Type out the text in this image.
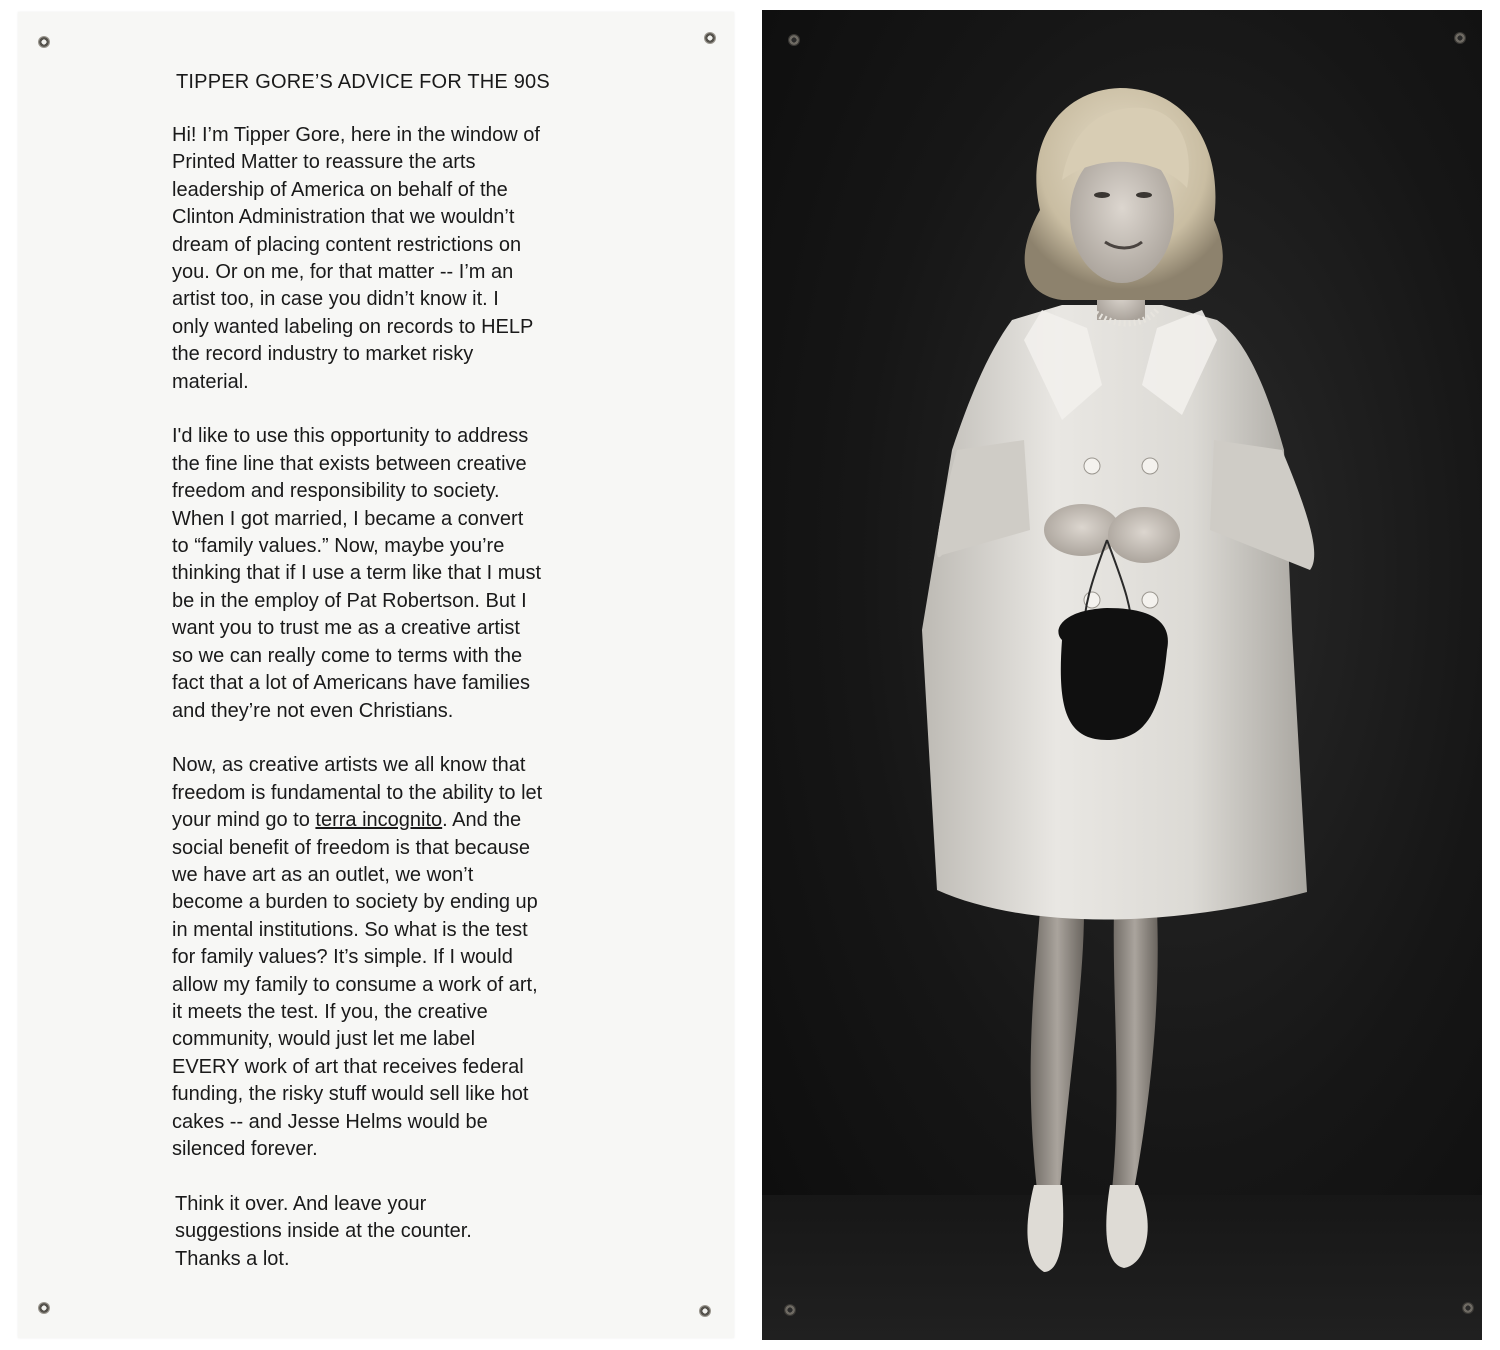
TIPPER GORE’S ADVICE FOR THE 90S

Hi! I’m Tipper Gore, here in the window of
Printed Matter to reassure the arts
leadership of America on behalf of the
Clinton Administration that we wouldn’t
dream of placing content restrictions on
you. Or on me, for that matter -- I’m an
artist too, in case you didn’t know it. I
only wanted labeling on records to HELP
the record industry to market risky
material.

I'd like to use this opportunity to address
the fine line that exists between creative
freedom and responsibility to society.
When I got married, I became a convert
to “family values.” Now, maybe you’re
thinking that if I use a term like that I must
be in the employ of Pat Robertson. But I
want you to trust me as a creative artist
so we can really come to terms with the
fact that a lot of Americans have families
and they’re not even Christians.

Now, as creative artists we all know that
freedom is fundamental to the ability to let
your mind go to terra incognito. And the
social benefit of freedom is that because
we have art as an outlet, we won’t
become a burden to society by ending up
in mental institutions. So what is the test
for family values? It’s simple. If I would
allow my family to consume a work of art,
it meets the test. If you, the creative
community, would just let me label
EVERY work of art that receives federal
funding, the risky stuff would sell like hot
cakes -- and Jesse Helms would be
silenced forever.

Think it over. And leave your
suggestions inside at the counter.
Thanks a lot.
